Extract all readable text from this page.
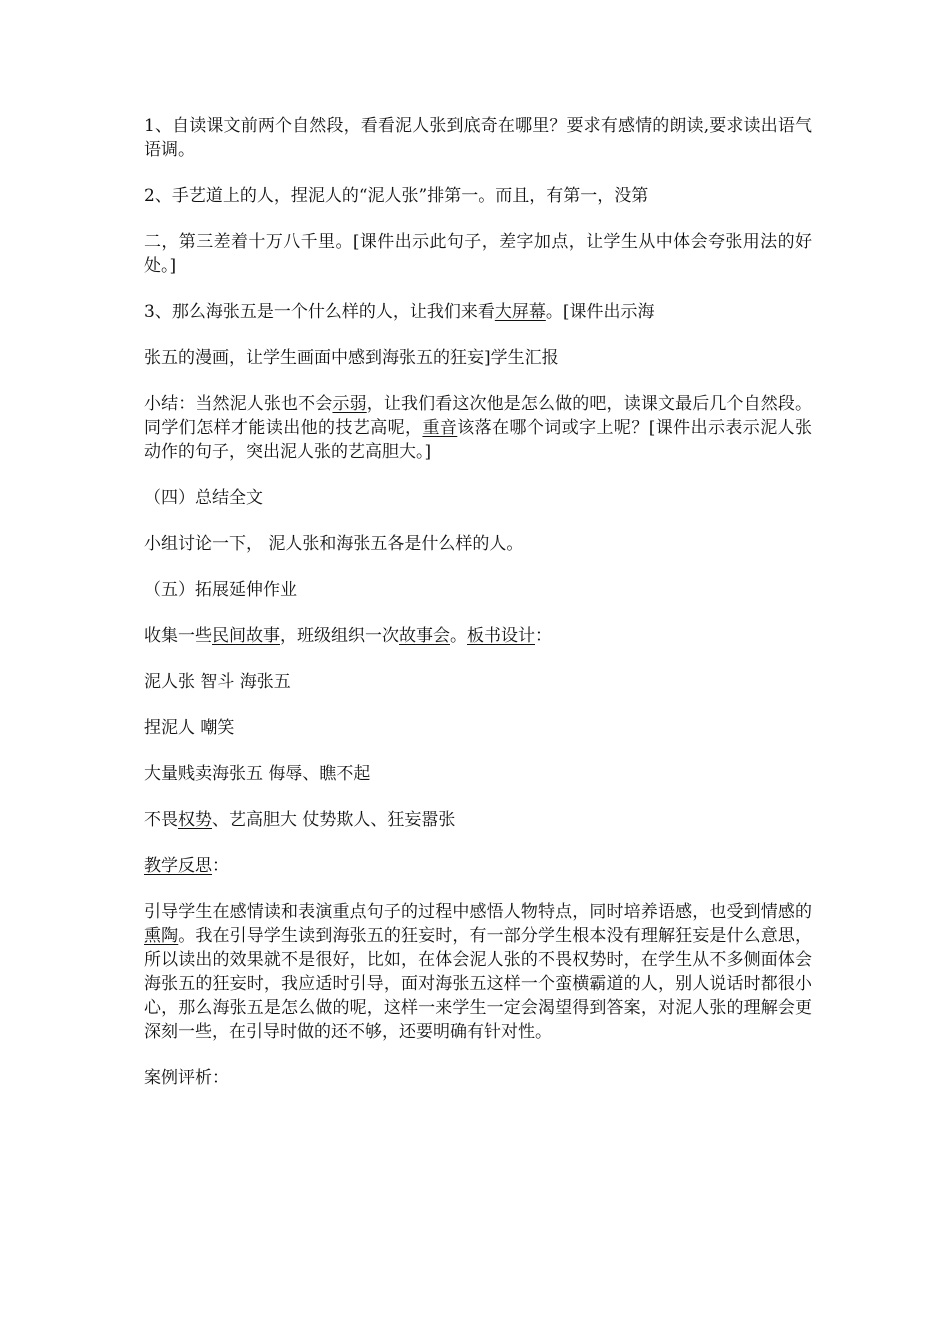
1、自读课文前两个自然段，看看泥人张到底奇在哪里？要求有感情的朗读,要求读出语气语调。

2、手艺道上的人，捏泥人的“泥人张”排第一。而且，有第一，没第

二，第三差着十万八千里。[课件出示此句子，差字加点，让学生从中体会夸张用法的好处。]

3、那么海张五是一个什么样的人，让我们来看大屏幕。[课件出示海

张五的漫画，让学生画面中感到海张五的狂妄]学生汇报

小结：当然泥人张也不会示弱，让我们看这次他是怎么做的吧，读课文最后几个自然段。同学们怎样才能读出他的技艺高呢，重音该落在哪个词或字上呢？[课件出示表示泥人张动作的句子，突出泥人张的艺高胆大。]

（四）总结全文

小组讨论一下， 泥人张和海张五各是什么样的人。

（五）拓展延伸作业

收集一些民间故事，班级组织一次故事会。板书设计：

泥人张 智斗 海张五

捏泥人 嘲笑

大量贱卖海张五 侮辱、瞧不起

不畏权势、艺高胆大 仗势欺人、狂妄嚣张

教学反思：

引导学生在感情读和表演重点句子的过程中感悟人物特点，同时培养语感，也受到情感的熏陶。我在引导学生读到海张五的狂妄时，有一部分学生根本没有理解狂妄是什么意思，所以读出的效果就不是很好，比如，在体会泥人张的不畏权势时，在学生从不多侧面体会海张五的狂妄时，我应适时引导，面对海张五这样一个蛮横霸道的人，别人说话时都很小心，那么海张五是怎么做的呢，这样一来学生一定会渴望得到答案，对泥人张的理解会更深刻一些，在引导时做的还不够，还要明确有针对性。

案例评析：
